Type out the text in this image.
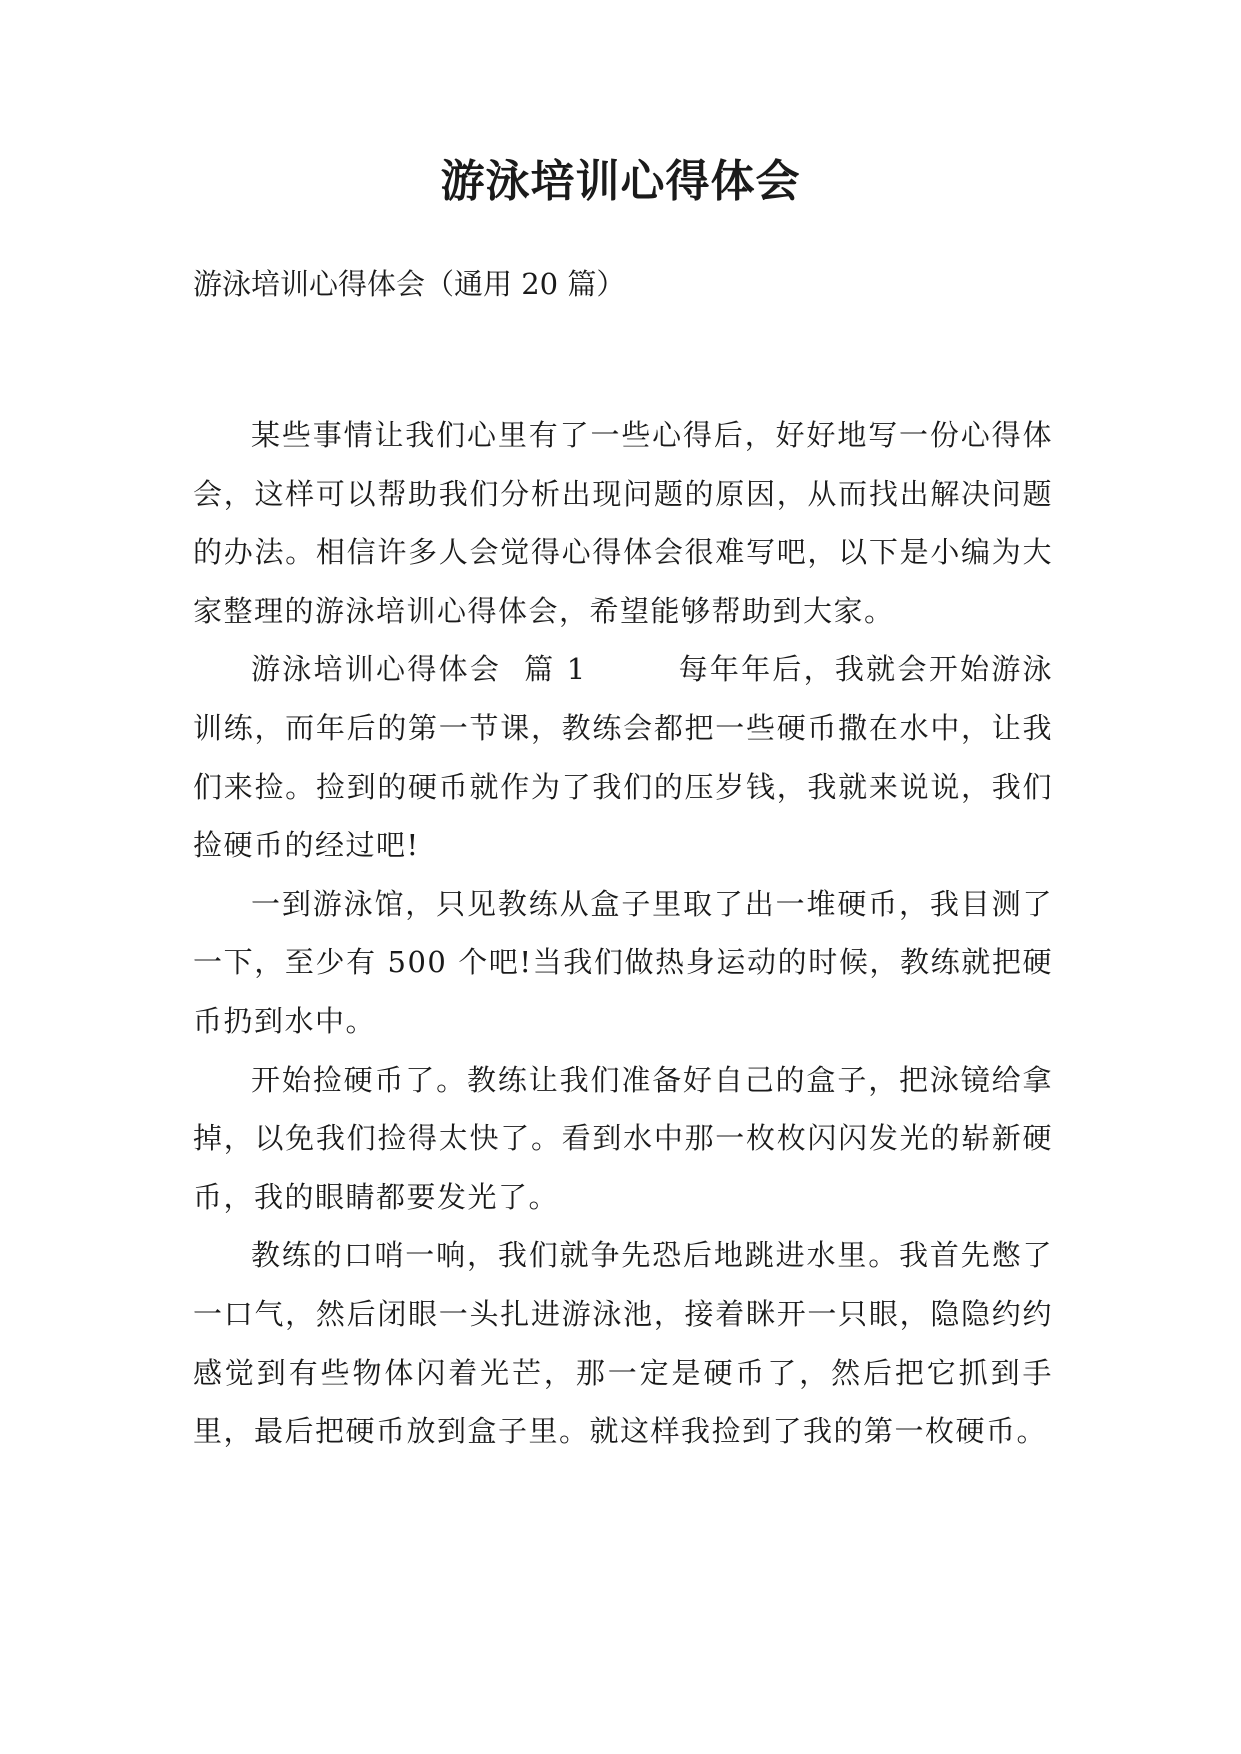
游泳培训心得体会

游泳培训心得体会（通用 20 篇）

某些事情让我们心里有了一些心得后，好好地写一份心得体会，这样可以帮助我们分析出现问题的原因，从而找出解决问题的办法。相信许多人会觉得心得体会很难写吧，以下是小编为大家整理的游泳培训心得体会，希望能够帮助到大家。

游泳培训心得体会  篇 1        每年年后，我就会开始游泳训练，而年后的第一节课，教练会都把一些硬币撒在水中，让我们来捡。捡到的硬币就作为了我们的压岁钱，我就来说说，我们捡硬币的经过吧!

一到游泳馆，只见教练从盒子里取了出一堆硬币，我目测了一下，至少有 500 个吧!当我们做热身运动的时候，教练就把硬币扔到水中。

开始捡硬币了。教练让我们准备好自己的盒子，把泳镜给拿掉，以免我们捡得太快了。看到水中那一枚枚闪闪发光的崭新硬币，我的眼睛都要发光了。

教练的口哨一响，我们就争先恐后地跳进水里。我首先憋了一口气，然后闭眼一头扎进游泳池，接着眯开一只眼，隐隐约约感觉到有些物体闪着光芒，那一定是硬币了，然后把它抓到手里，最后把硬币放到盒子里。就这样我捡到了我的第一枚硬币。
